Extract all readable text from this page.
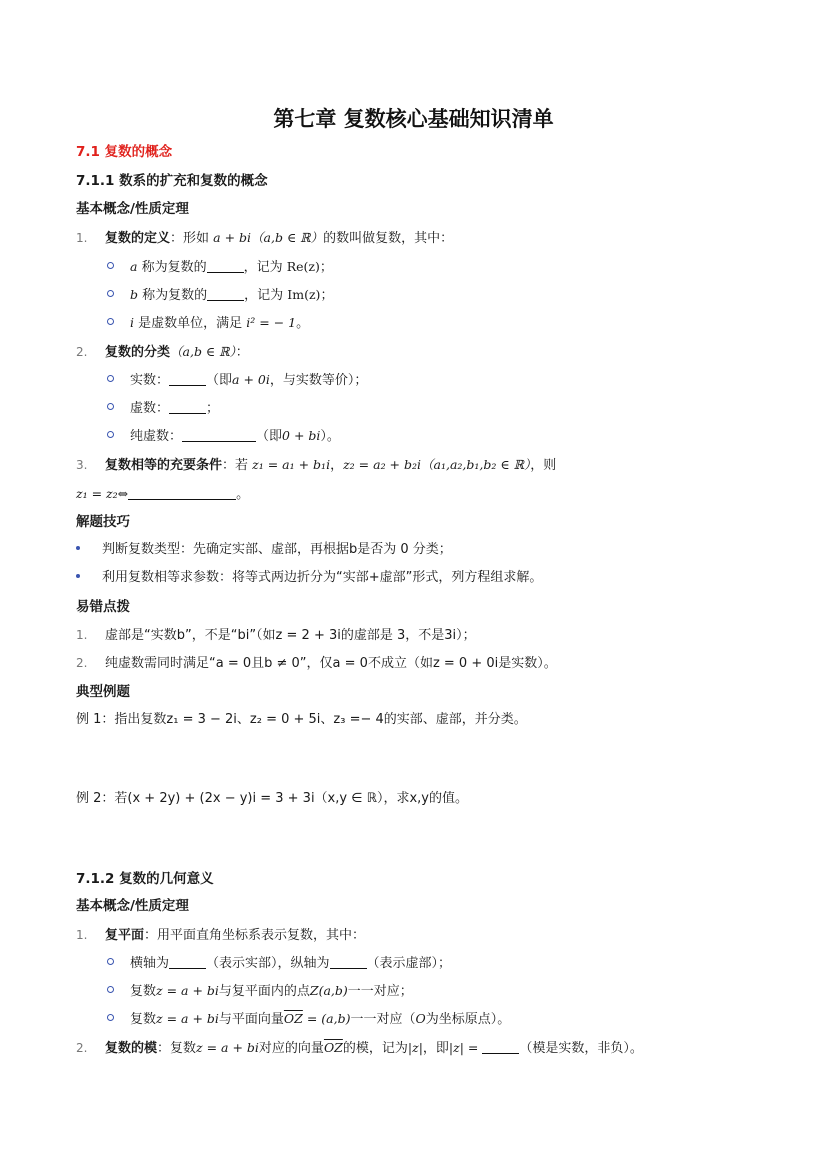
第七章 复数核心基础知识清单
7.1 复数的概念
7.1.1 数系的扩充和复数的概念
基本概念/性质定理
1. 复数的定义：形如 a + bi（a,b ∈ ℝ）的数叫做复数，其中：
a 称为复数的	，记为 Re(z)；
b 称为复数的	，记为 Im(z)；
i 是虚数单位，满足 i² = − 1。
2. 复数的分类（a,b ∈ ℝ）：
实数：	（即a + 0i，与实数等价）；
虚数：	；
纯虚数：	（即0 + bi）。
3. 复数相等的充要条件：若 z₁ = a₁ + b₁i，z₂ = a₂ + b₂i（a₁,a₂,b₁,b₂ ∈ ℝ），则
z₁ = z₂⇔	。
解题技巧
判断复数类型：先确定实部、虚部，再根据b是否为 0 分类；
利用复数相等求参数：将等式两边折分为“实部+虚部”形式，列方程组求解。
易错点拨
1. 虚部是“实数b”，不是“bi”（如z = 2 + 3i的虚部是 3，不是3i）；
2. 纯虚数需同时满足“a = 0且b ≠ 0”，仅a = 0不成立（如z = 0 + 0i是实数）。
典型例题
例 1：指出复数z₁ = 3 − 2i、z₂ = 0 + 5i、z₃ =− 4的实部、虚部，并分类。
例 2：若(x + 2y) + (2x − y)i = 3 + 3i（x,y ∈ ℝ），求x,y的值。
7.1.2 复数的几何意义
基本概念/性质定理
1. 复平面：用平面直角坐标系表示复数，其中：
横轴为	（表示实部），纵轴为	（表示虚部）；
复数z = a + bi与复平面内的点Z(a,b)一一对应；
复数z = a + bi与平面向量$\overline{OZ} = (a,b)$一一对应（O为坐标原点）。
2. 复数的模：复数z = a + bi对应的向量$\overline{OZ}$的模，记为|z|，即|z| =	（模是实数，非负）。
